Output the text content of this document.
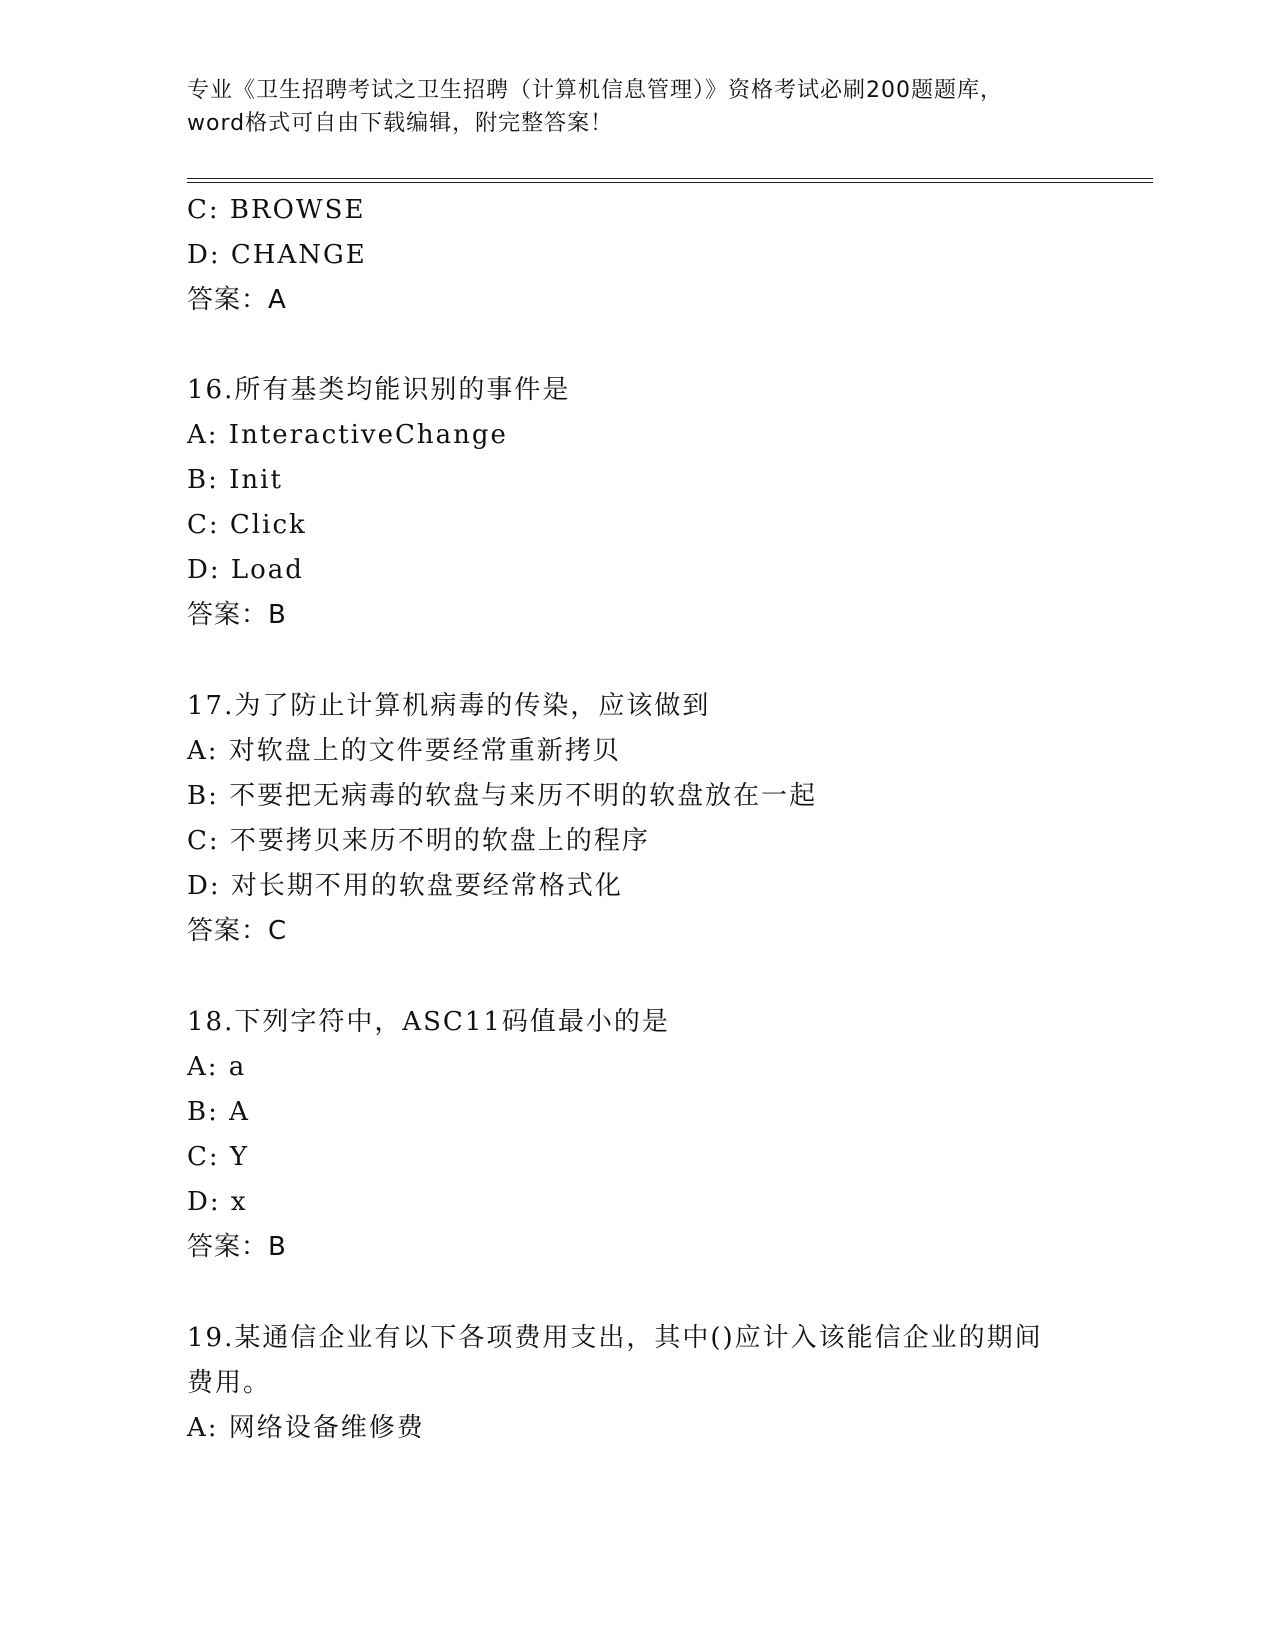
专业《卫生招聘考试之卫生招聘（计算机信息管理）》资格考试必刷200题题库，
word格式可自由下载编辑，附完整答案！
C: BROWSE
D: CHANGE
答案：A
16.所有基类均能识别的事件是
A: InteractiveChange
B: Init
C: Click
D: Load
答案：B
17.为了防止计算机病毒的传染，应该做到
A: 对软盘上的文件要经常重新拷贝
B: 不要把无病毒的软盘与来历不明的软盘放在一起
C: 不要拷贝来历不明的软盘上的程序
D: 对长期不用的软盘要经常格式化
答案：C
18.下列字符中，ASC11码值最小的是
A: a
B: A
C: Y
D: x
答案：B
19.某通信企业有以下各项费用支出，其中()应计入该能信企业的期间
费用。
A: 网络设备维修费
